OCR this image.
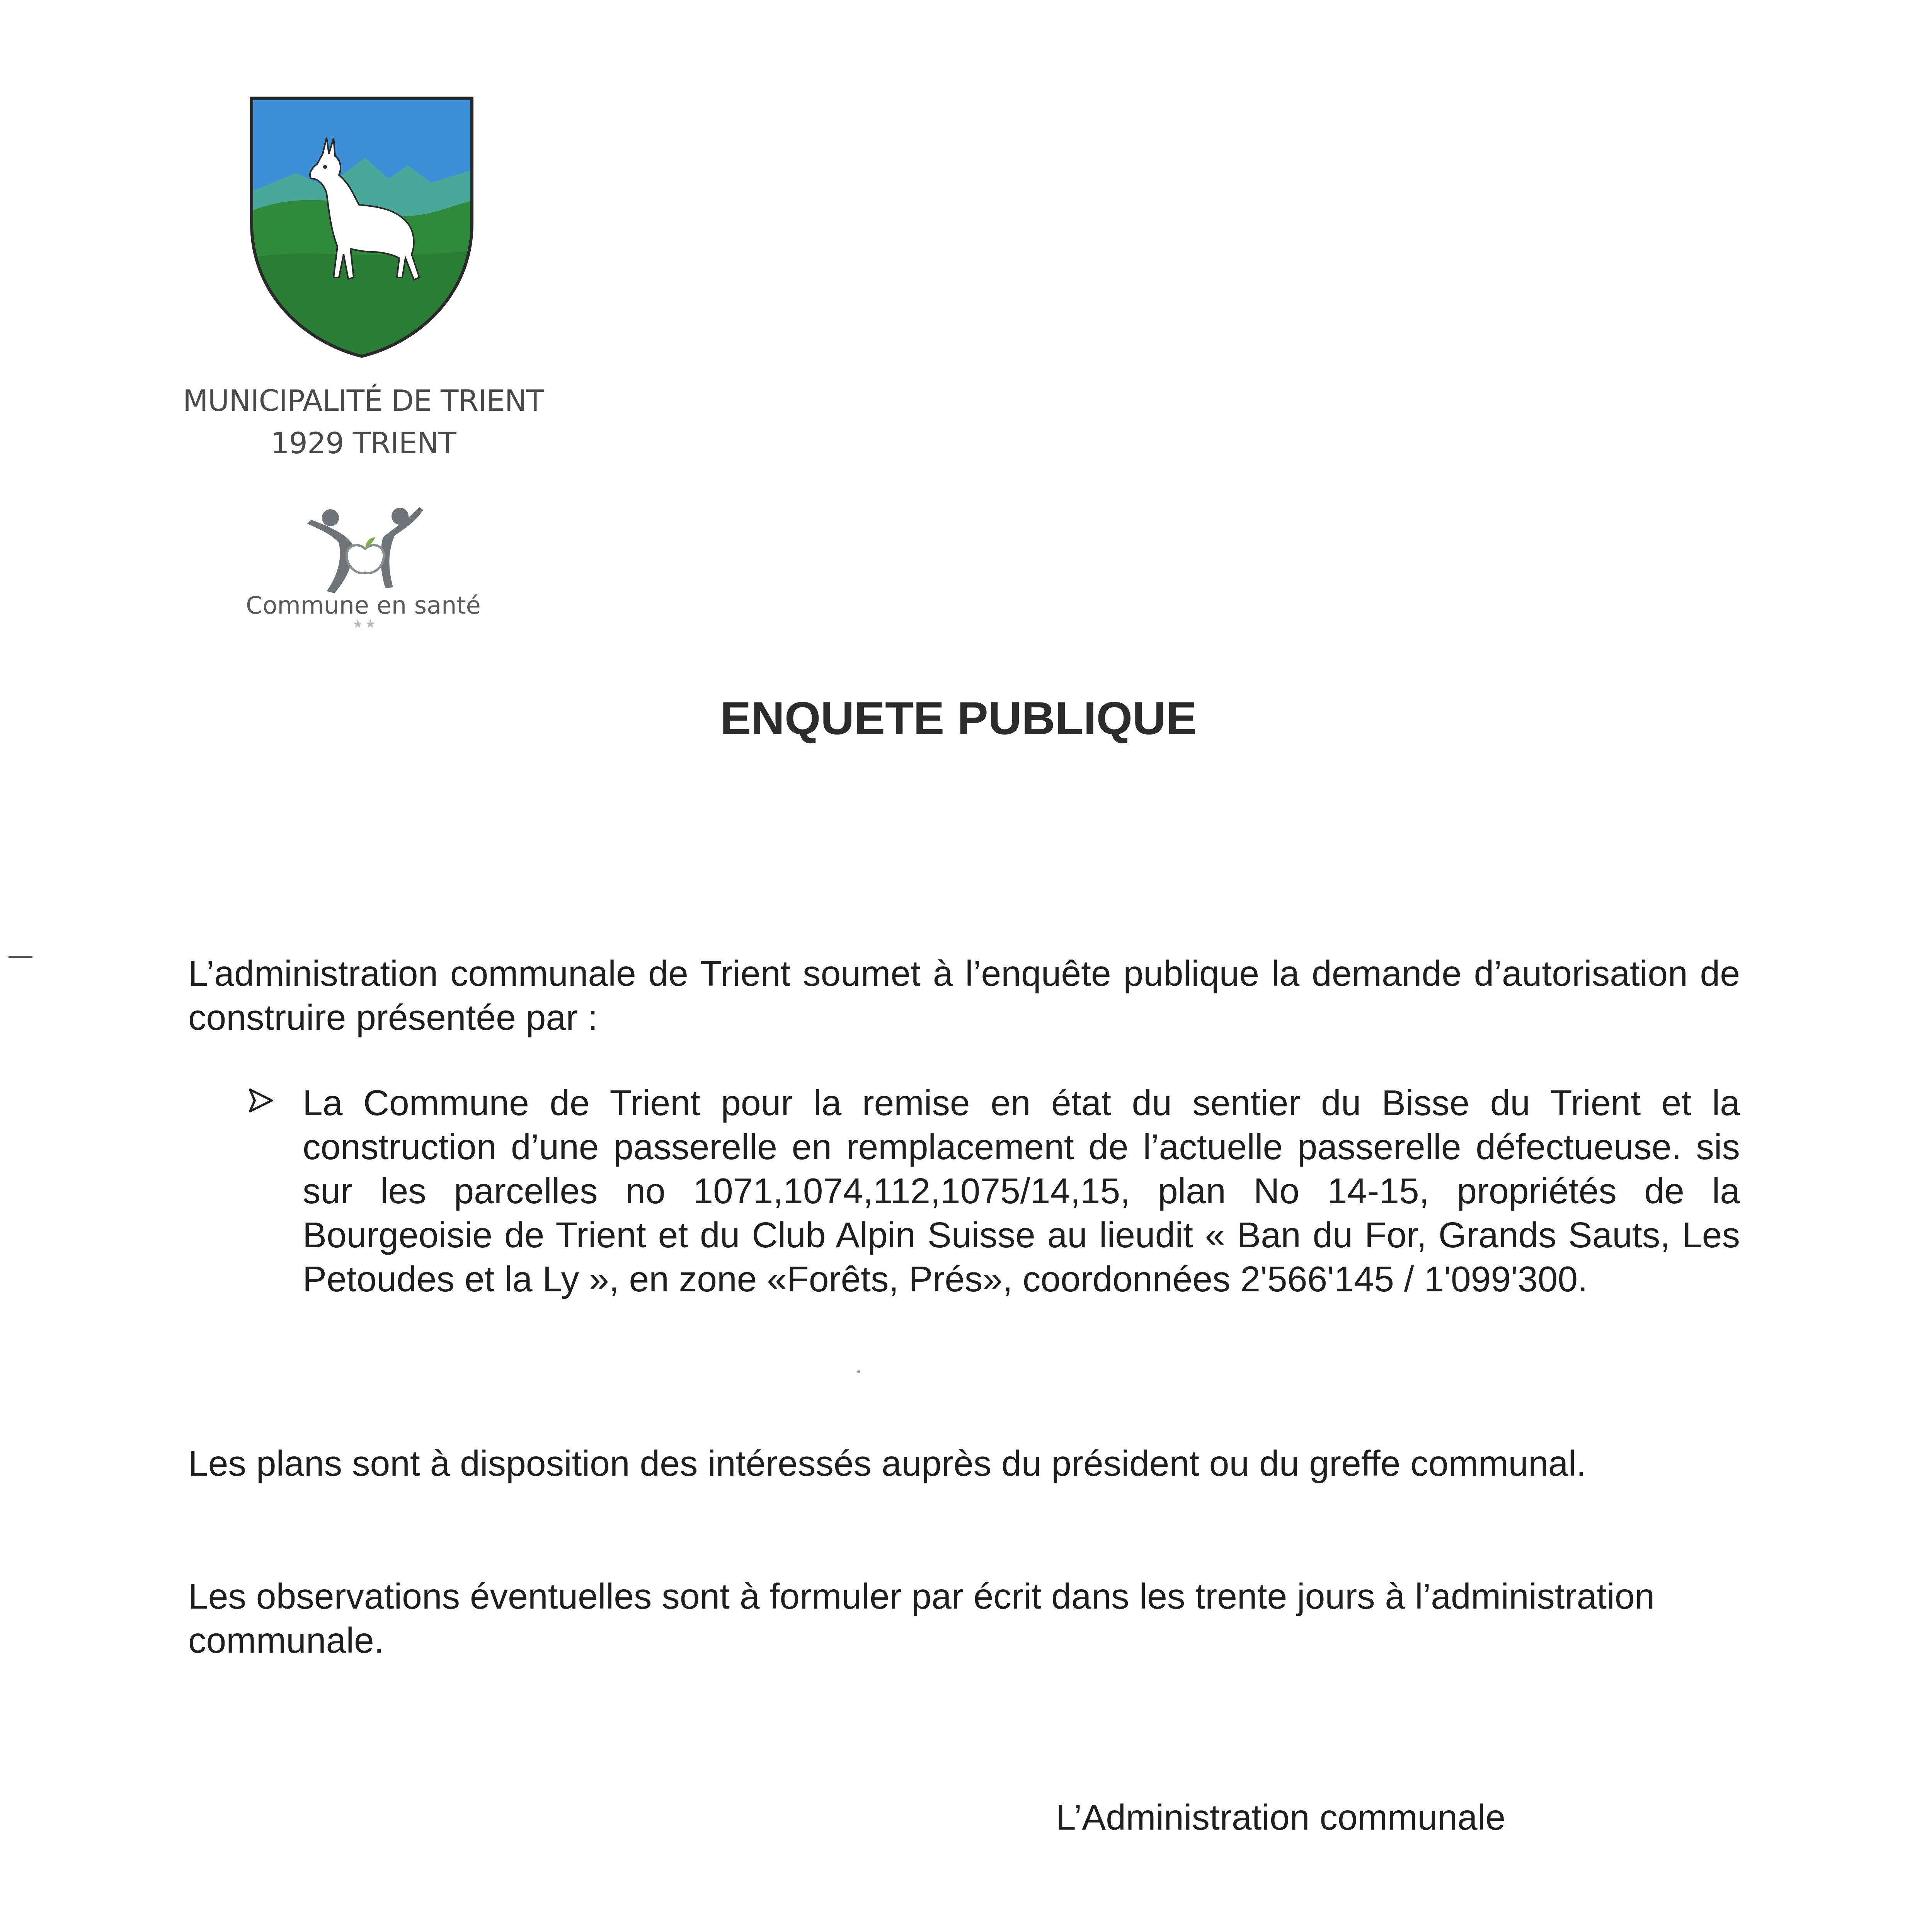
MUNICIPALITÉ DE TRIENT
1929 TRIENT
Commune en santé
★★
ENQUETE PUBLIQUE

L’administration communale de Trient soumet à l’enquête publique la demande d’autorisation de construire présentée par :

La Commune de Trient pour la remise en état du sentier du Bisse du Trient et la construction d’une passerelle en remplacement de l’actuelle passerelle défectueuse. sis sur les parcelles no 1071,1074,112,1075/14,15, plan No 14-15, propriétés de la Bourgeoisie de Trient et du Club Alpin Suisse au lieudit « Ban du For, Grands Sauts, Les Petoudes et la Ly », en zone «Forêts, Prés», coordonnées 2'566'145 / 1'099'300.

Les plans sont à disposition des intéressés auprès du président ou du greffe communal.

Les observations éventuelles sont à formuler par écrit dans les trente jours à l’administration communale.

L’Administration communale
